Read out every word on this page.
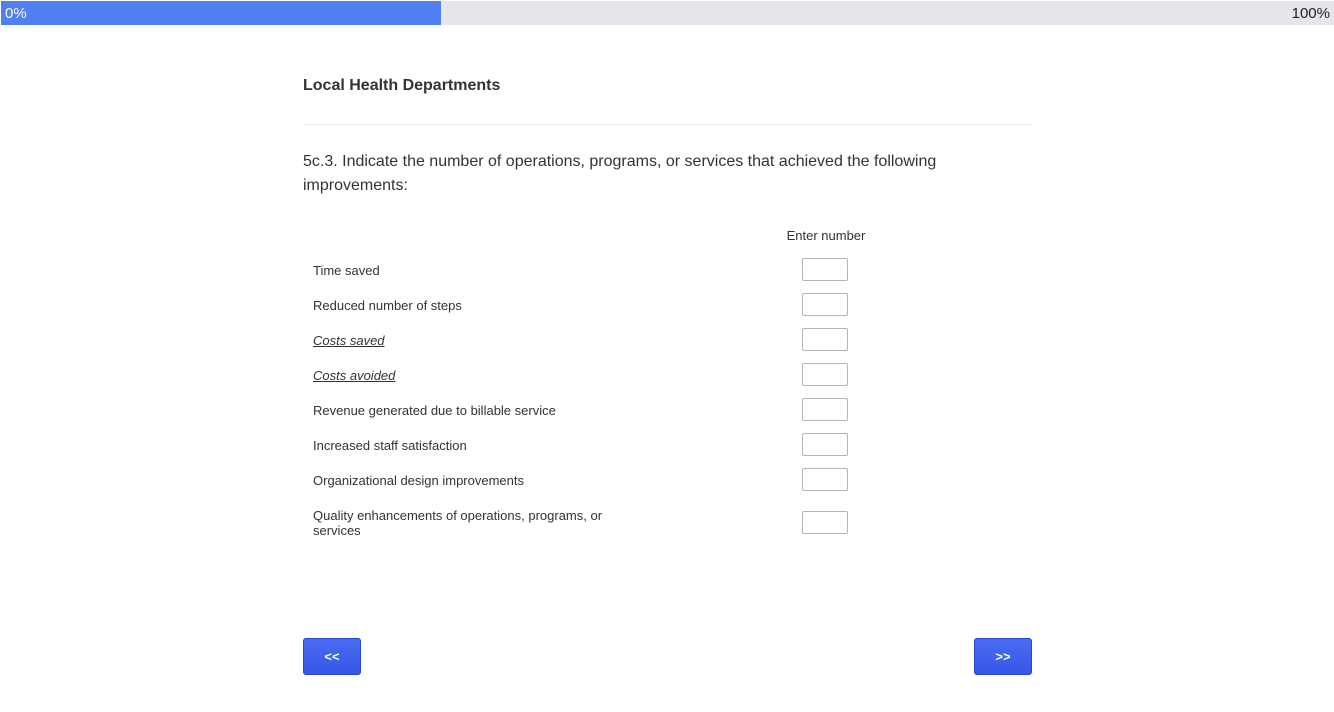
0%	100%
Local Health Departments
5c.3. Indicate the number of operations, programs, or services that achieved the following improvements:
Enter number
Time saved
Reduced number of steps
Costs saved
Costs avoided
Revenue generated due to billable service
Increased staff satisfaction
Organizational design improvements
Quality enhancements of operations, programs, or services
<<	>>
